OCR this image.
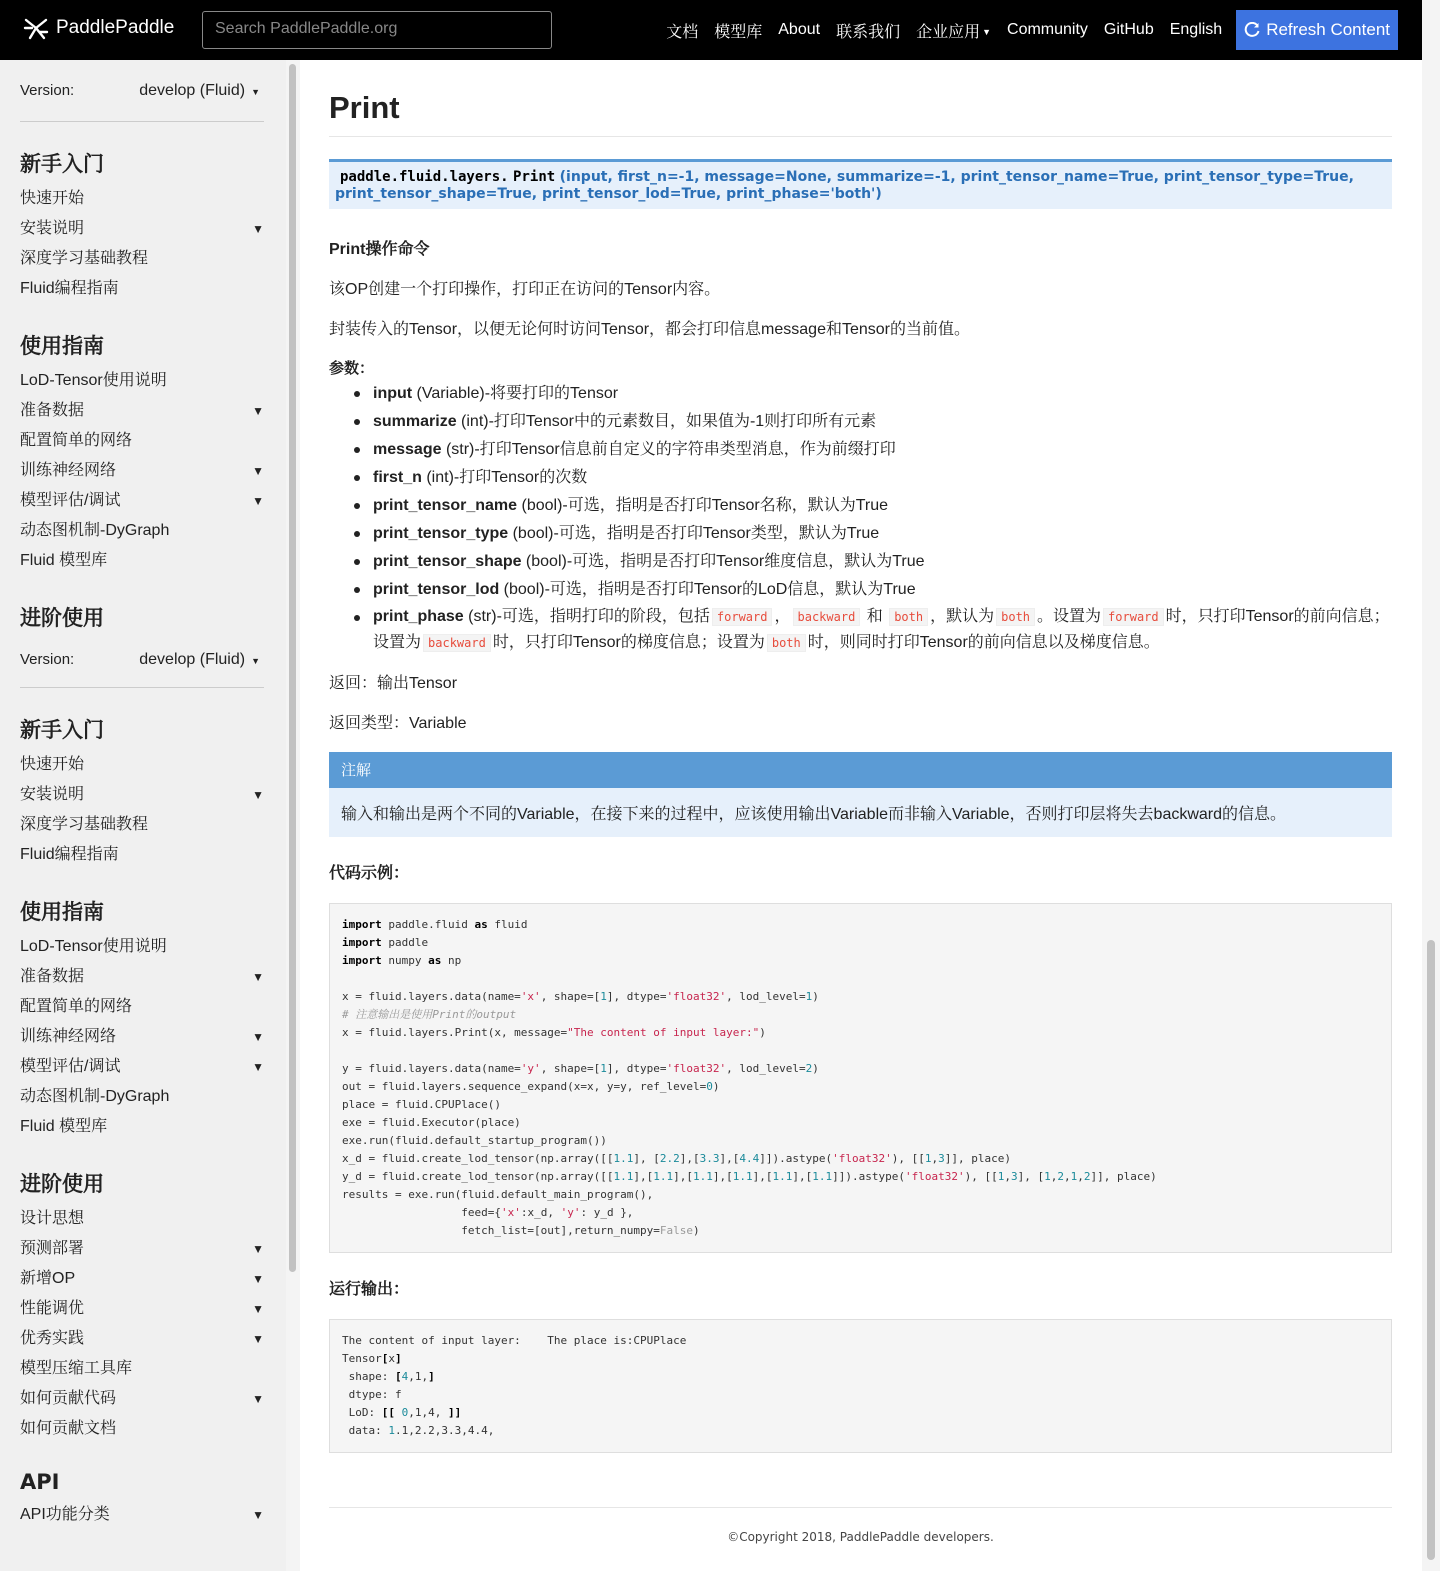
PaddlePaddle	Search PaddlePaddle.org	文档 模型库 About 联系我们 企业应用 ▼ Community GitHub English	Refresh Content
Version:	develop (Fluid) ▼
新手入门
快速开始
安装说明	▼
深度学习基础教程
Fluid编程指南
使用指南
LoD-Tensor使用说明
准备数据	▼
配置简单的网络
训练神经网络	▼
模型评估/调试	▼
动态图机制-DyGraph
Fluid 模型库
进阶使用
Version:	develop (Fluid) ▼
新手入门
快速开始
安装说明	▼
深度学习基础教程
Fluid编程指南
使用指南
LoD-Tensor使用说明
准备数据	▼
配置简单的网络
训练神经网络	▼
模型评估/调试	▼
动态图机制-DyGraph
Fluid 模型库
进阶使用
设计思想
预测部署	▼
新增OP	▼
性能调优	▼
优秀实践	▼
模型压缩工具库
如何贡献代码	▼
如何贡献文档
API
API功能分类	▼
Print
paddle.fluid.layers. Print (input, first_n=-1, message=None, summarize=-1, print_tensor_name=True, print_tensor_type=True, print_tensor_shape=True, print_tensor_lod=True, print_phase='both')
Print操作命令
该OP创建一个打印操作，打印正在访问的Tensor内容。
封装传入的Tensor，以便无论何时访问Tensor，都会打印信息message和Tensor的当前值。
参数：
input (Variable)-将要打印的Tensor
summarize (int)-打印Tensor中的元素数目，如果值为-1则打印所有元素
message (str)-打印Tensor信息前自定义的字符串类型消息，作为前缀打印
first_n (int)-打印Tensor的次数
print_tensor_name (bool)-可选，指明是否打印Tensor名称，默认为True
print_tensor_type (bool)-可选，指明是否打印Tensor类型，默认为True
print_tensor_shape (bool)-可选，指明是否打印Tensor维度信息，默认为True
print_tensor_lod (bool)-可选，指明是否打印Tensor的LoD信息，默认为True
print_phase (str)-可选，指明打印的阶段，包括 forward ， backward 和 both ，默认为 both 。设置为 forward 时，只打印Tensor的前向信息；设置为 backward 时，只打印Tensor的梯度信息；设置为 both 时，则同时打印Tensor的前向信息以及梯度信息。
返回：输出Tensor
返回类型：Variable
注解
输入和输出是两个不同的Variable，在接下来的过程中，应该使用输出Variable而非输入Variable，否则打印层将失去backward的信息。
代码示例：
import paddle.fluid as fluid
import paddle
import numpy as np

x = fluid.layers.data(name='x', shape=[1], dtype='float32', lod_level=1)
# 注意输出是使用Print的output
x = fluid.layers.Print(x, message="The content of input layer:")

y = fluid.layers.data(name='y', shape=[1], dtype='float32', lod_level=2)
out = fluid.layers.sequence_expand(x=x, y=y, ref_level=0)
place = fluid.CPUPlace()
exe = fluid.Executor(place)
exe.run(fluid.default_startup_program())
x_d = fluid.create_lod_tensor(np.array([[1.1], [2.2],[3.3],[4.4]]).astype('float32'), [[1,3]], place)
y_d = fluid.create_lod_tensor(np.array([[1.1],[1.1],[1.1],[1.1],[1.1],[1.1]]).astype('float32'), [[1,3], [1,2,1,2]], place)
results = exe.run(fluid.default_main_program(),
feed={'x':x_d, 'y': y_d },
fetch_list=[out],return_numpy=False)
运行输出：
The content of input layer:    The place is:CPUPlace
Tensor[x]
shape: [4,1,]
dtype: f
LoD: [[ 0,1,4, ]]
data: 1.1,2.2,3.3,4.4,
©Copyright 2018, PaddlePaddle developers.
